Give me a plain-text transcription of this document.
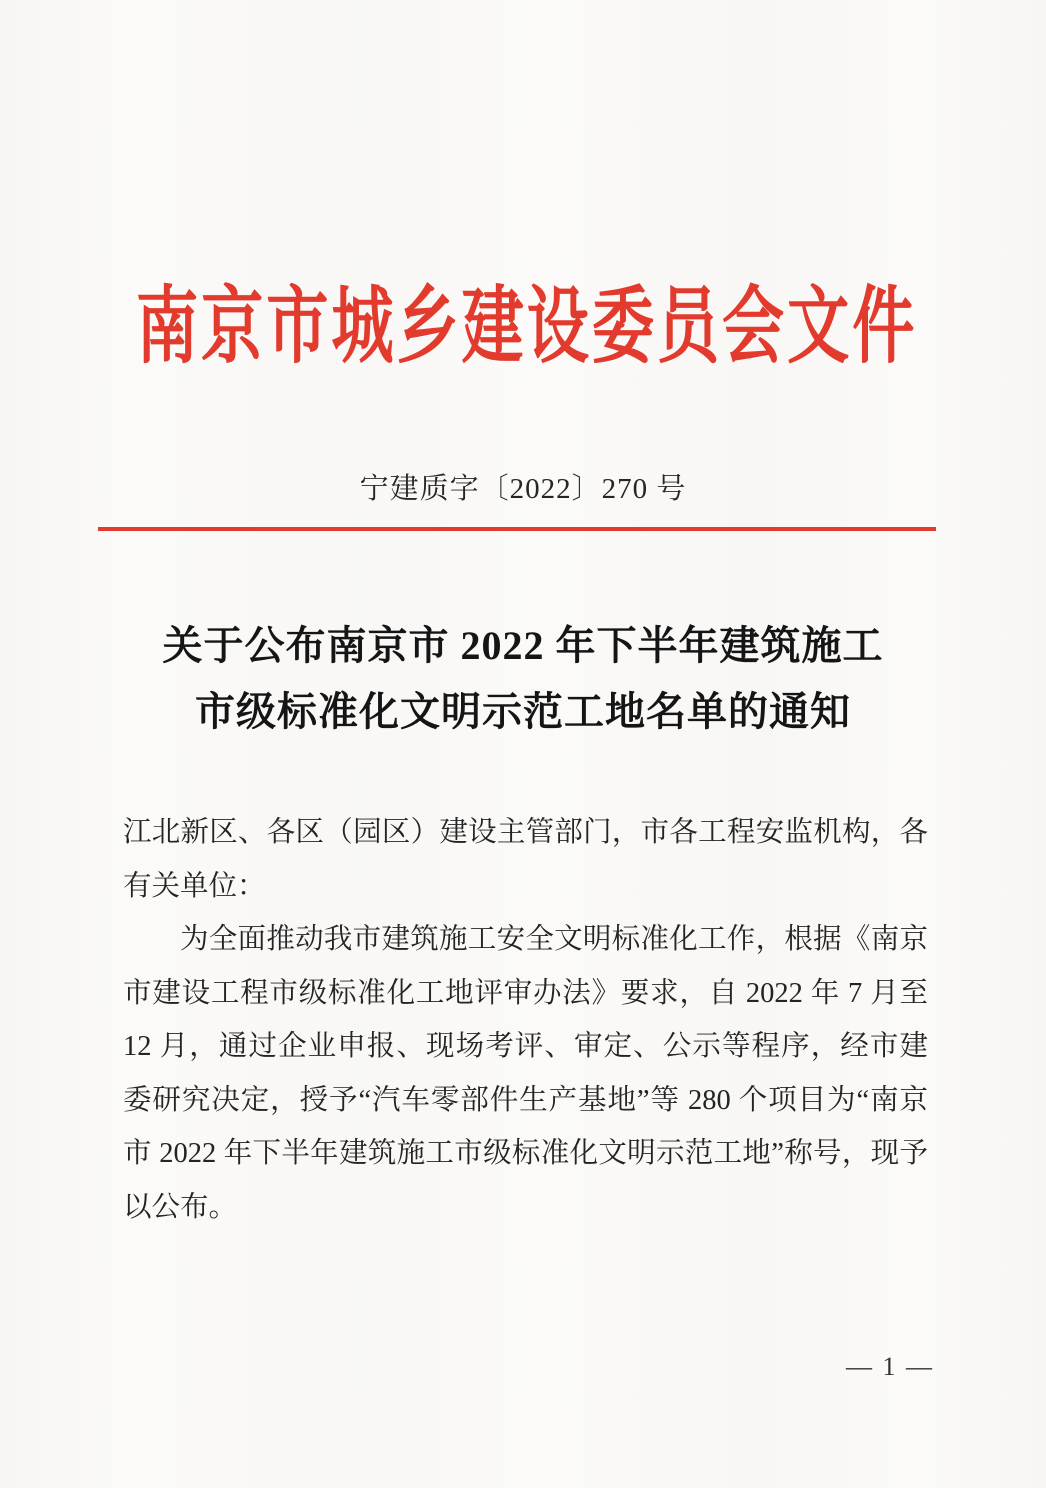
南京市城乡建设委员会文件
宁建质字〔2022〕270 号
关于公布南京市 2022 年下半年建筑施工
市级标准化文明示范工地名单的通知

江北新区、各区（园区）建设主管部门，市各工程安监机构，各有关单位：

为全面推动我市建筑施工安全文明标准化工作，根据《南京市建设工程市级标准化工地评审办法》要求，自 2022 年 7 月至 12 月，通过企业申报、现场考评、审定、公示等程序，经市建委研究决定，授予“汽车零部件生产基地”等 280 个项目为“南京市 2022 年下半年建筑施工市级标准化文明示范工地”称号，现予以公布。

— 1 —
